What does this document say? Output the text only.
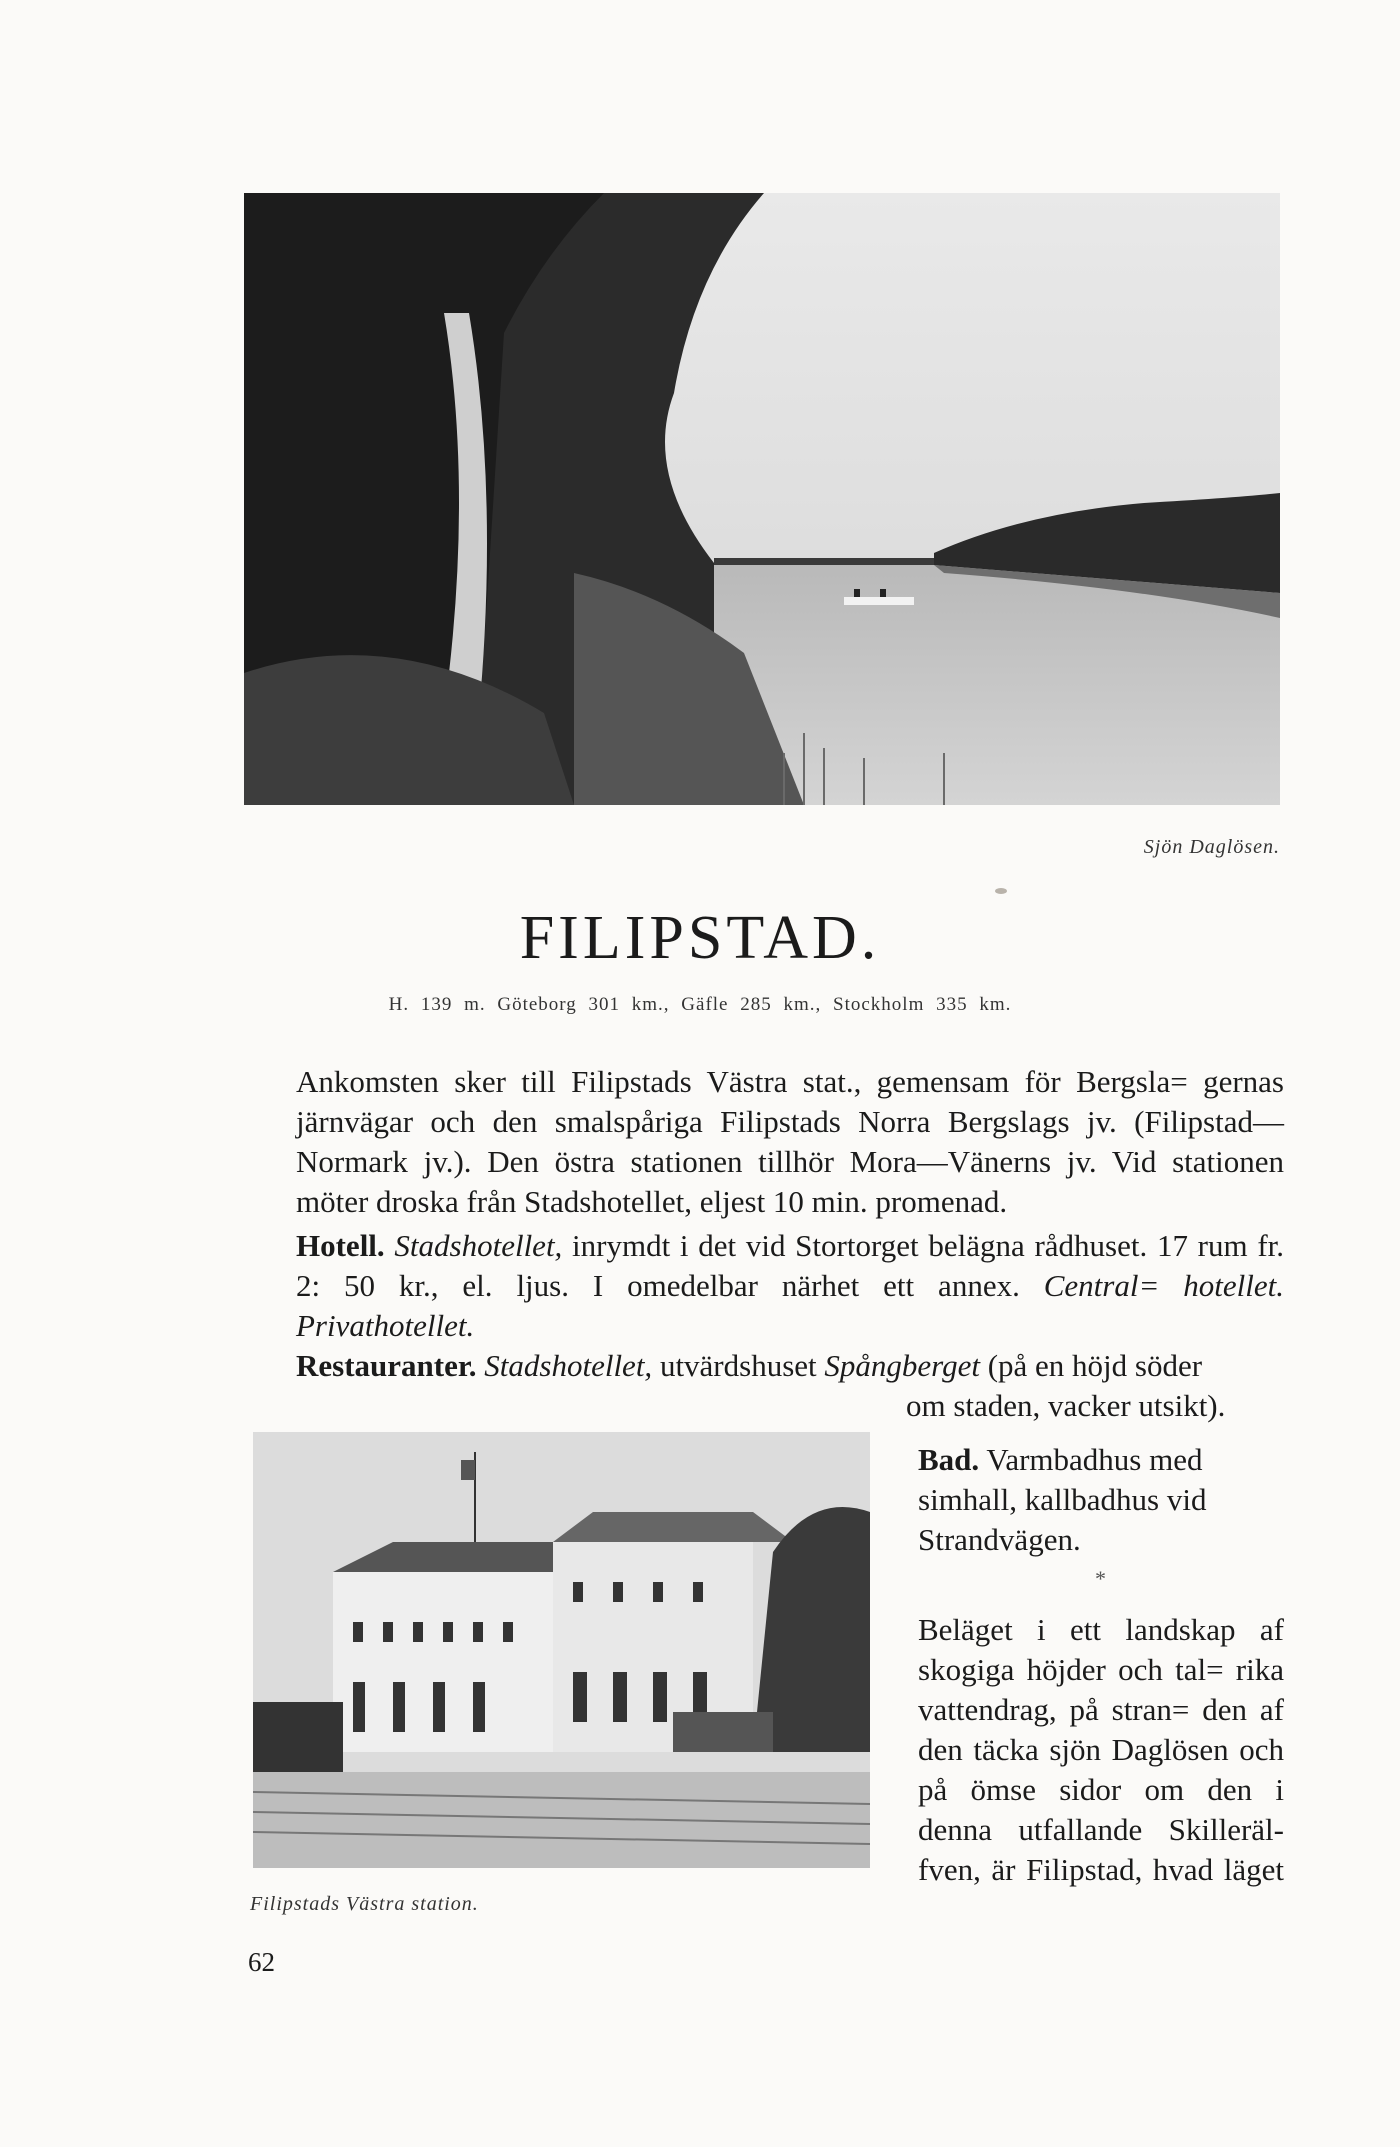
Sjön Daglösen.
FILIPSTAD.
H. 139 m. Göteborg 301 km., Gäfle 285 km., Stockholm 335 km.
Ankomsten sker till Filipstads Västra stat., gemensam för Bergsla= gernas järnvägar och den smalspåriga Filipstads Norra Bergslags jv. (Filipstad—Normark jv.). Den östra stationen tillhör Mora—Vänerns jv. Vid stationen möter droska från Stadshotellet, eljest 10 min. promenad.
Hotell. Stadshotellet, inrymdt i det vid Stortorget belägna rådhuset. 17 rum fr. 2: 50 kr., el. ljus. I omedelbar närhet ett annex. Central= hotellet. Privathotellet.
Restauranter. Stadshotellet, utvärdshuset Spångberget (på en höjd söder
om staden, vacker utsikt).
Bad. Varmbadhus med simhall, kallbadhus vid Strandvägen.
*
Beläget i ett landskap af skogiga höjder och tal= rika vattendrag, på stran= den af den täcka sjön Daglösen och på ömse sidor om den i denna utfallande Skillerälfven, är Filipstad, hvad läget
Filipstads Västra station.
62
